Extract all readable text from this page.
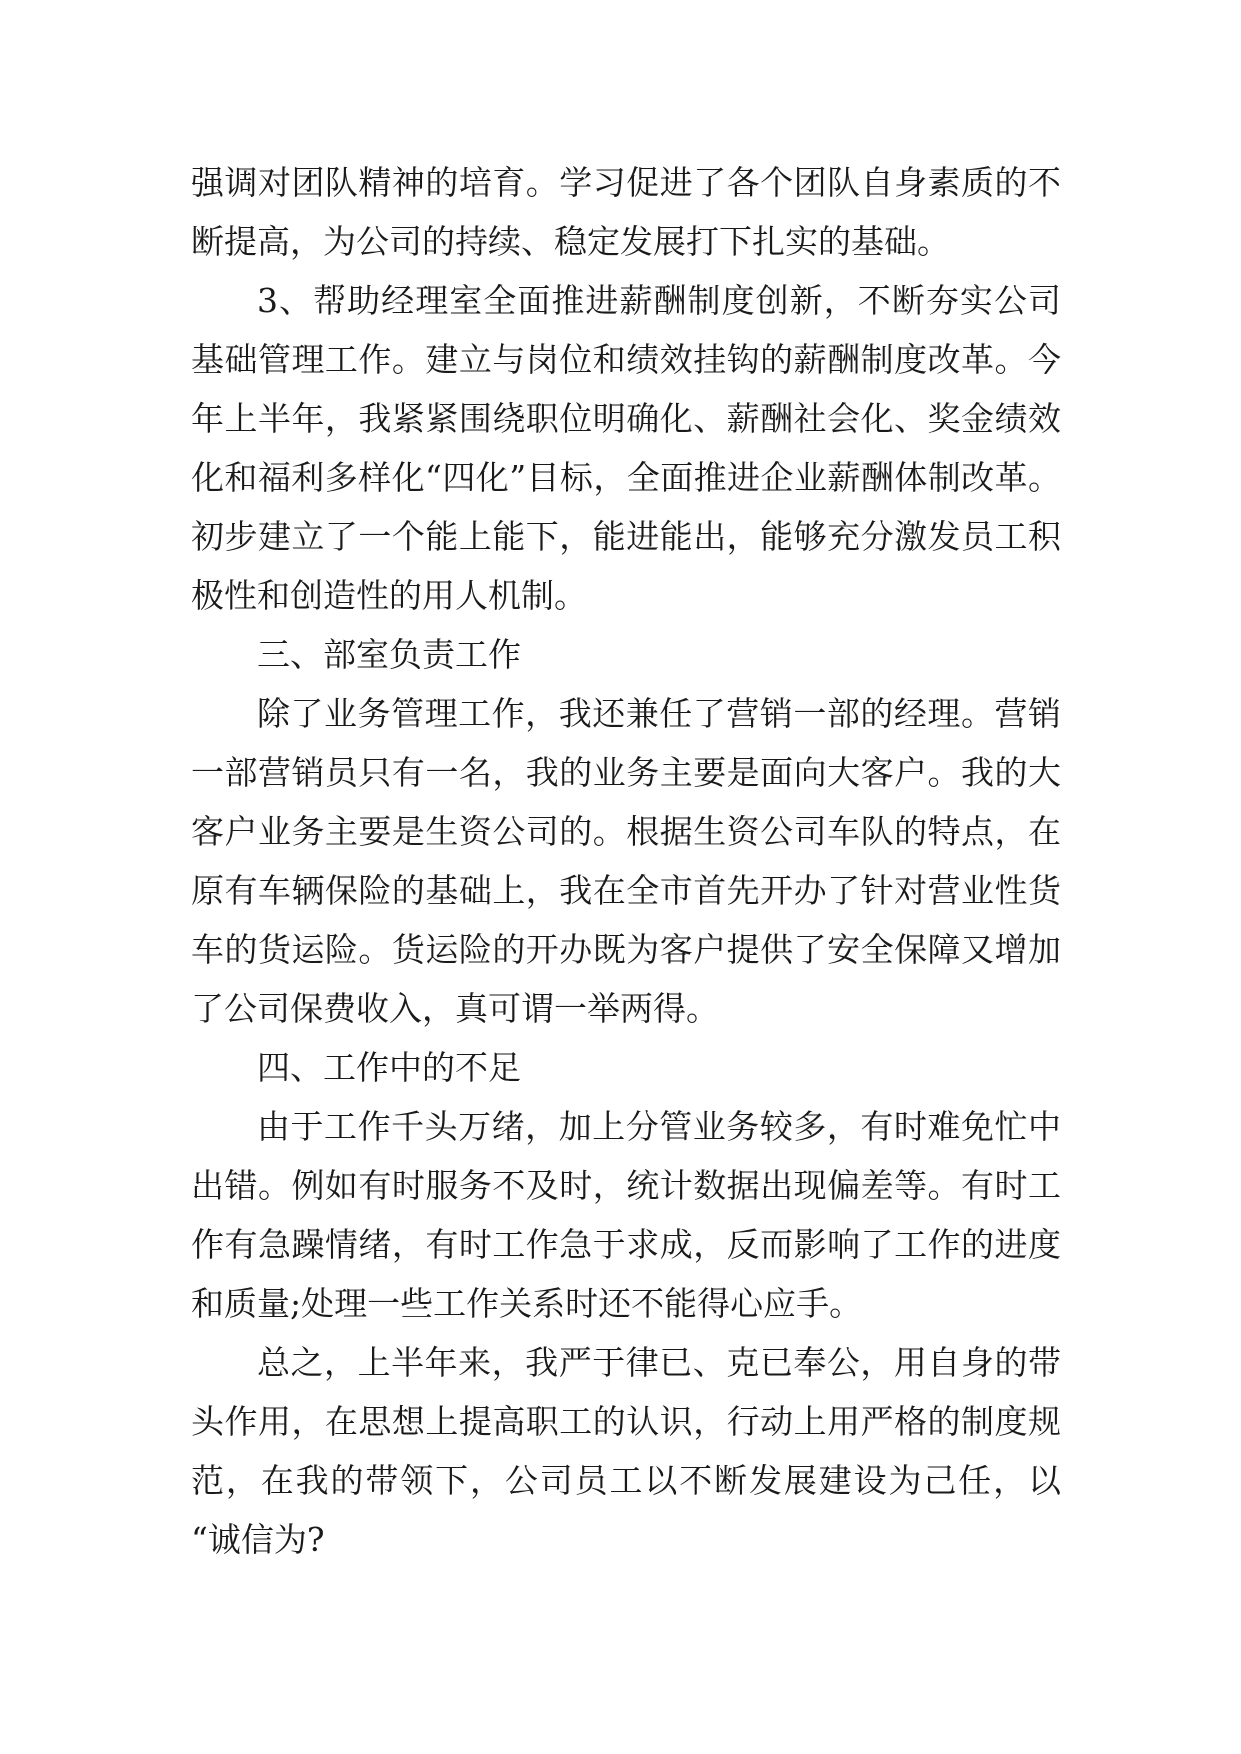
强调对团队精神的培育。学习促进了各个团队自身素质的不
断提高，为公司的持续、稳定发展打下扎实的基础。
3、帮助经理室全面推进薪酬制度创新，不断夯实公司
基础管理工作。建立与岗位和绩效挂钩的薪酬制度改革。今
年上半年，我紧紧围绕职位明确化、薪酬社会化、奖金绩效
化和福利多样化“四化”目标，全面推进企业薪酬体制改革。
初步建立了一个能上能下，能进能出，能够充分激发员工积
极性和创造性的用人机制。
三、部室负责工作
除了业务管理工作，我还兼任了营销一部的经理。营销
一部营销员只有一名，我的业务主要是面向大客户。我的大
客户业务主要是生资公司的。根据生资公司车队的特点，在
原有车辆保险的基础上，我在全市首先开办了针对营业性货
车的货运险。货运险的开办既为客户提供了安全保障又增加
了公司保费收入，真可谓一举两得。
四、工作中的不足
由于工作千头万绪，加上分管业务较多，有时难免忙中
出错。例如有时服务不及时，统计数据出现偏差等。有时工
作有急躁情绪，有时工作急于求成，反而影响了工作的进度
和质量;处理一些工作关系时还不能得心应手。
总之，上半年来，我严于律已、克已奉公，用自身的带
头作用，在思想上提高职工的认识，行动上用严格的制度规
范，在我的带领下，公司员工以不断发展建设为己任，以
“诚信为?
